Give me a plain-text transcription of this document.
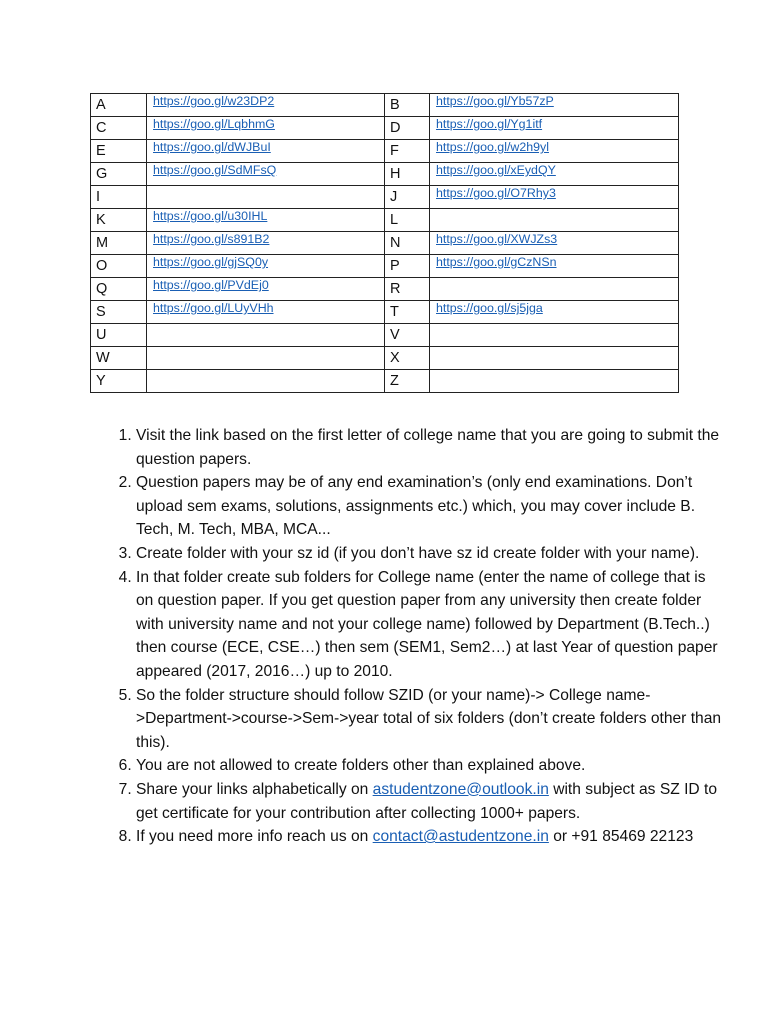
A	https://goo.gl/w23DP2	B	https://goo.gl/Yb57zP
C	https://goo.gl/LqbhmG	D	https://goo.gl/Yg1itf
E	https://goo.gl/dWJBuI	F	https://goo.gl/w2h9yl
G	https://goo.gl/SdMFsQ	H	https://goo.gl/xEydQY
I		J	https://goo.gl/O7Rhy3
K	https://goo.gl/u30IHL	L	
M	https://goo.gl/s891B2	N	https://goo.gl/XWJZs3
O	https://goo.gl/gjSQ0y	P	https://goo.gl/gCzNSn
Q	https://goo.gl/PVdEj0	R	
S	https://goo.gl/LUyVHh	T	https://goo.gl/sj5jga
U		V	
W		X	
Y		Z	
1. Visit the link based on the first letter of college name that you are going to submit the question papers.
2. Question papers may be of any end examination’s (only end examinations. Don’t upload sem exams, solutions, assignments etc.) which, you may cover include B. Tech, M. Tech, MBA, MCA...
3. Create folder with your sz id (if you don’t have sz id create folder with your name).
4. In that folder create sub folders for College name (enter the name of college that is on question paper. If you get question paper from any university then create folder with university name and not your college name) followed by Department (B.Tech..) then course (ECE, CSE…) then sem (SEM1, Sem2…) at last Year of question paper appeared (2017, 2016…) up to 2010.
5. So the folder structure should follow SZID (or your name)-> College name->Department->course->Sem->year total of six folders (don’t create folders other than this).
6. You are not allowed to create folders other than explained above.
7. Share your links alphabetically on astudentzone@outlook.in with subject as SZ ID to get certificate for your contribution after collecting 1000+ papers.
8. If you need more info reach us on contact@astudentzone.in or +91 85469 22123
